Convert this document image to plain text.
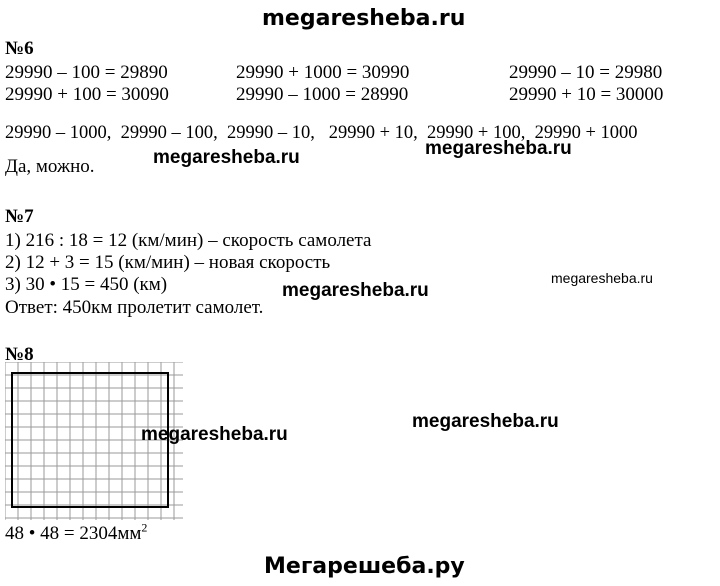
megaresheba.ru
№6
29990 – 100 = 29890	29990 + 1000 = 30990	29990 – 10 = 29980
29990 + 100 = 30090	29990 – 1000 = 28990	29990 + 10 = 30000
29990 – 1000,  29990 – 100,  29990 – 10,   29990 + 10,  29990 + 100,  29990 + 1000
Да, можно.	megaresheba.ru	megaresheba.ru
№7
1) 216 : 18 = 12 (км/мин) – скорость самолета
2) 12 + 3 = 15 (км/мин) – новая скорость
3) 30 • 15 = 450 (км)
Ответ: 450км пролетит самолет.
megaresheba.ru
megaresheba.ru
№8
megaresheba.ru
megaresheba.ru
48 • $48 = 2304мм^2$
Мегарешеба.ру
